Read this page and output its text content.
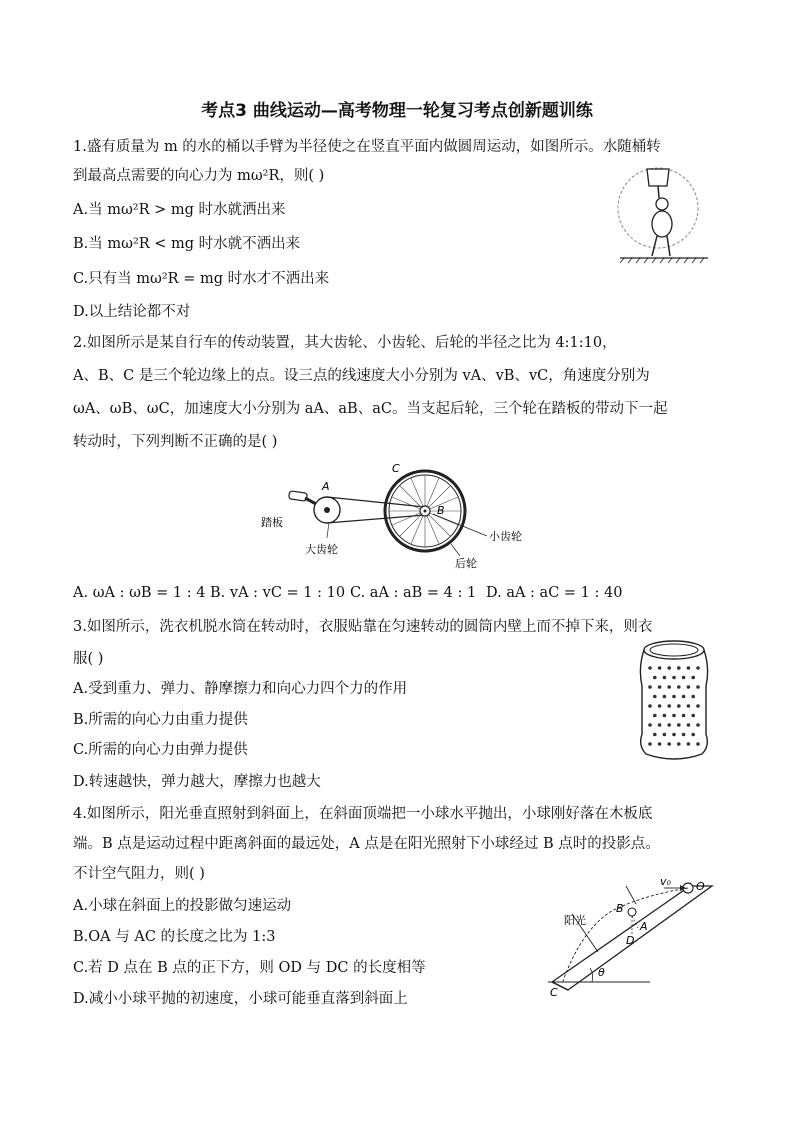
考点3 曲线运动—高考物理一轮复习考点创新题训练
1.盛有质量为 m 的水的桶以手臂为半径使之在竖直平面内做圆周运动，如图所示。水随桶转
到最高点需要的向心力为 mω²R，则( )
A.当 mω²R > mg 时水就洒出来
B.当 mω²R < mg 时水就不洒出来
C.只有当 mω²R = mg 时水才不洒出来
D.以上结论都不对
2.如图所示是某自行车的传动装置，其大齿轮、小齿轮、后轮的半径之比为 4:1:10，
A、B、C 是三个轮边缘上的点。设三点的线速度大小分别为 vA、vB、vC，角速度分别为
ωA、ωB、ωC，加速度大小分别为 aA、aB、aC。当支起后轮，三个轮在踏板的带动下一起
转动时，下列判断不正确的是( )
A
B
C
踏板
大齿轮
小齿轮
后轮
A. ωA : ωB = 1 : 4 B. vA : vC = 1 : 10 C. aA : aB = 4 : 1 D. aA : aC = 1 : 40
3.如图所示，洗衣机脱水筒在转动时，衣服贴靠在匀速转动的圆筒内壁上而不掉下来，则衣
服( )
A.受到重力、弹力、静摩擦力和向心力四个力的作用
B.所需的向心力由重力提供
C.所需的向心力由弹力提供
D.转速越快，弹力越大，摩擦力也越大
4.如图所示，阳光垂直照射到斜面上，在斜面顶端把一小球水平抛出，小球刚好落在木板底
端。B 点是运动过程中距离斜面的最远处，A 点是在阳光照射下小球经过 B 点时的投影点。
不计空气阻力，则( )
A.小球在斜面上的投影做匀速运动
B.OA 与 AC 的长度之比为 1:3
C.若 D 点在 B 点的正下方，则 OD 与 DC 的长度相等
D.减小小球平抛的初速度，小球可能垂直落到斜面上
v₀ O
B
A
D
C
θ
阳光
